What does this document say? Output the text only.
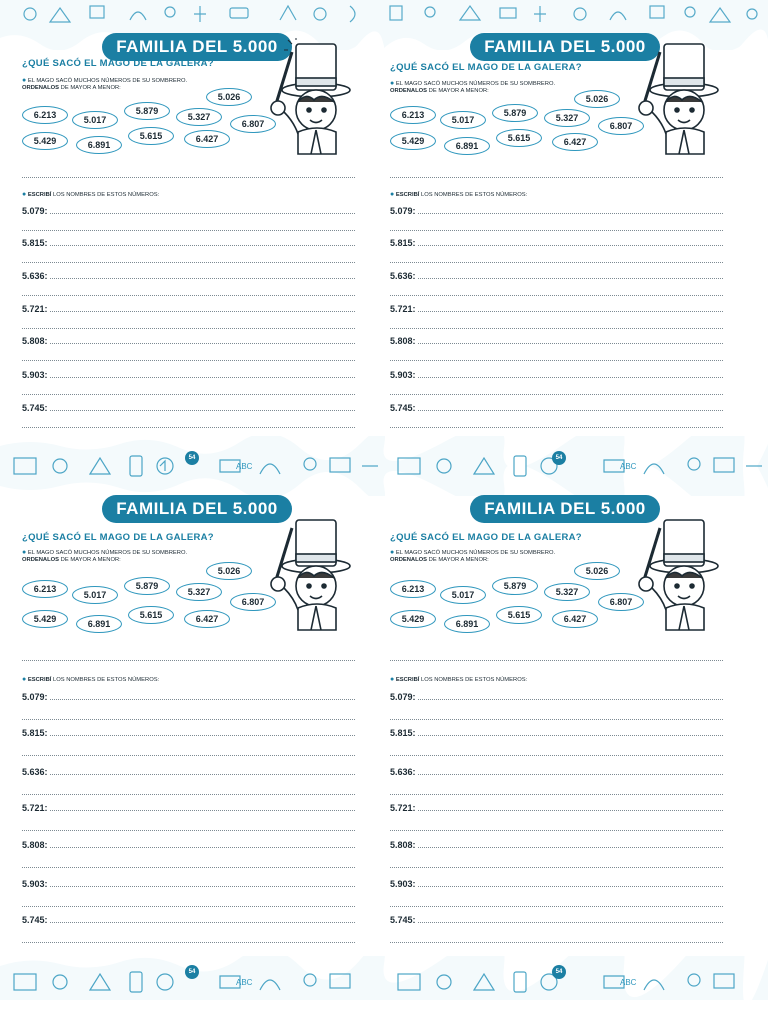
ABC	ABC
54	54
ABC	ABC
54	54
FAMILIA DEL 5.000
¿QUÉ SACÓ EL MAGO DE LA GALERA?
● EL MAGO SACÓ MUCHOS NÚMEROS DE SU SOMBRERO.
ORDENALOS DE MAYOR A MENOR:
6.213	5.017
5.879
5.327
5.026
6.807
5.429	6.891
5.615	6.427
● ESCRIBÍ LOS NOMBRES DE ESTOS NÚMEROS:
5.079:
5.815:
5.636:
5.721:
5.808:
5.903:
5.745:
FAMILIA DEL 5.000
¿QUÉ SACÓ EL MAGO DE LA GALERA?
● EL MAGO SACÓ MUCHOS NÚMEROS DE SU SOMBRERO.
ORDENALOS DE MAYOR A MENOR:
6.213	5.017
5.879	5.327
5.026
6.807
5.429	6.891
5.615	6.427
● ESCRIBÍ LOS NOMBRES DE ESTOS NÚMEROS:
5.079:
5.815:
5.636:
5.721:
5.808:
5.903:
5.745:
FAMILIA DEL 5.000
¿QUÉ SACÓ EL MAGO DE LA GALERA?
● EL MAGO SACÓ MUCHOS NÚMEROS DE SU SOMBRERO.
ORDENALOS DE MAYOR A MENOR:
6.213
5.017
5.879
5.327
5.026
6.807
5.429	6.891
5.615	6.427
● ESCRIBÍ LOS NOMBRES DE ESTOS NÚMEROS:
5.079:
5.815:
5.636:
5.721:
5.808:
5.903:
5.745:
FAMILIA DEL 5.000
¿QUÉ SACÓ EL MAGO DE LA GALERA?
● EL MAGO SACÓ MUCHOS NÚMEROS DE SU SOMBRERO.
ORDENALOS DE MAYOR A MENOR:
6.213
5.017
5.879
5.327
5.026
6.807
5.429	6.891
5.615	6.427
● ESCRIBÍ LOS NOMBRES DE ESTOS NÚMEROS:
5.079:
5.815:
5.636:
5.721:
5.808:
5.903:
5.745:
